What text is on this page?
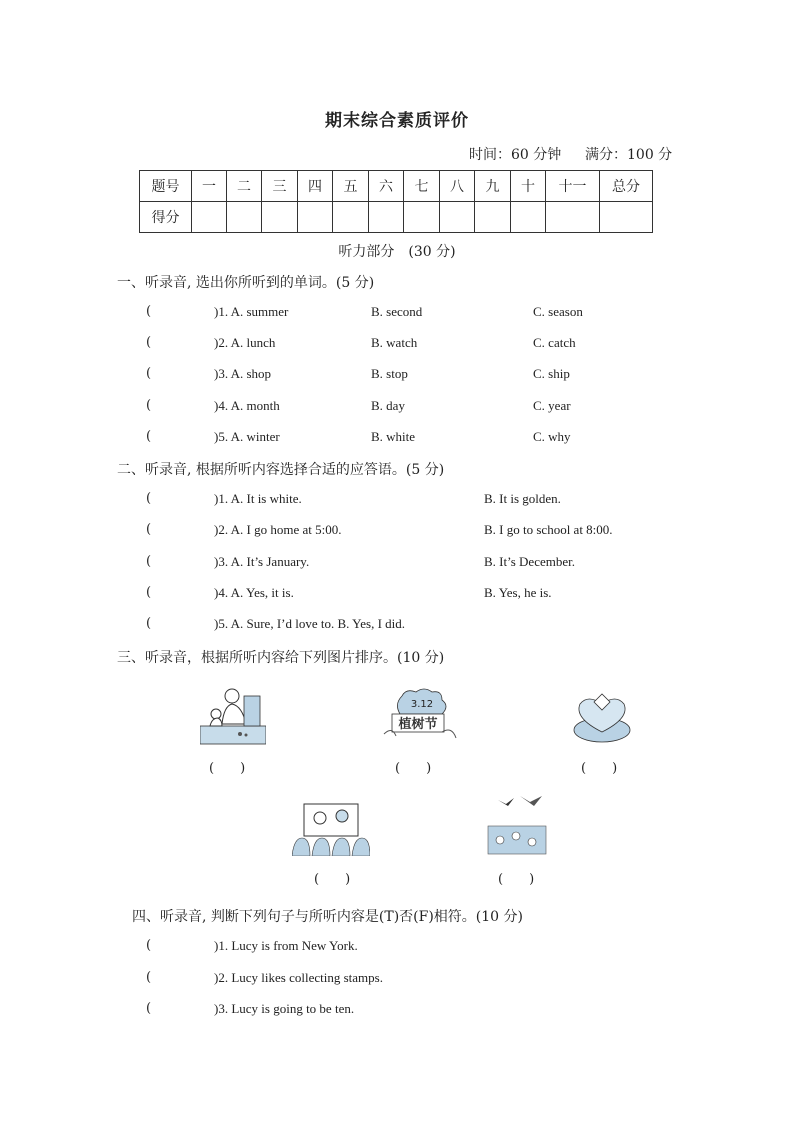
期末综合素质评价
时间：60 分钟 满分：100 分
题号	一	二	三	四	五	六	七	八	九	十	十一	总分
得分												
听力部分　(30 分)
一、听录音, 选出你所听到的单词。(5 分)
(	)1. A. summer	B. second	C. season
(	)2. A. lunch	B. watch	C. catch
(	)3. A. shop	B. stop	C. ship
(	)4. A. month	B. day	C. year
(	)5. A. winter	B. white	C. why
二、听录音, 根据所听内容选择合适的应答语。(5 分)
(	)1. A. It is white.	B. It is golden.
(	)2. A. I go home at 5:00.	B. I go to school at 8:00.
(	)3. A. It’s January.	B. It’s December.
(	)4. A. Yes, it is.	B. Yes, he is.
(	)5. A. Sure, I’d love to. B. Yes, I did.
三、听录音，根据所听内容给下列图片排序。(10 分)
(　　)
3.12
植树节
(　　)	(　　)
(　　)	(　　)
四、听录音, 判断下列句子与所听内容是(T)否(F)相符。(10 分)
(	)1. Lucy is from New York.
(	)2. Lucy likes collecting stamps.
(	)3. Lucy is going to be ten.
